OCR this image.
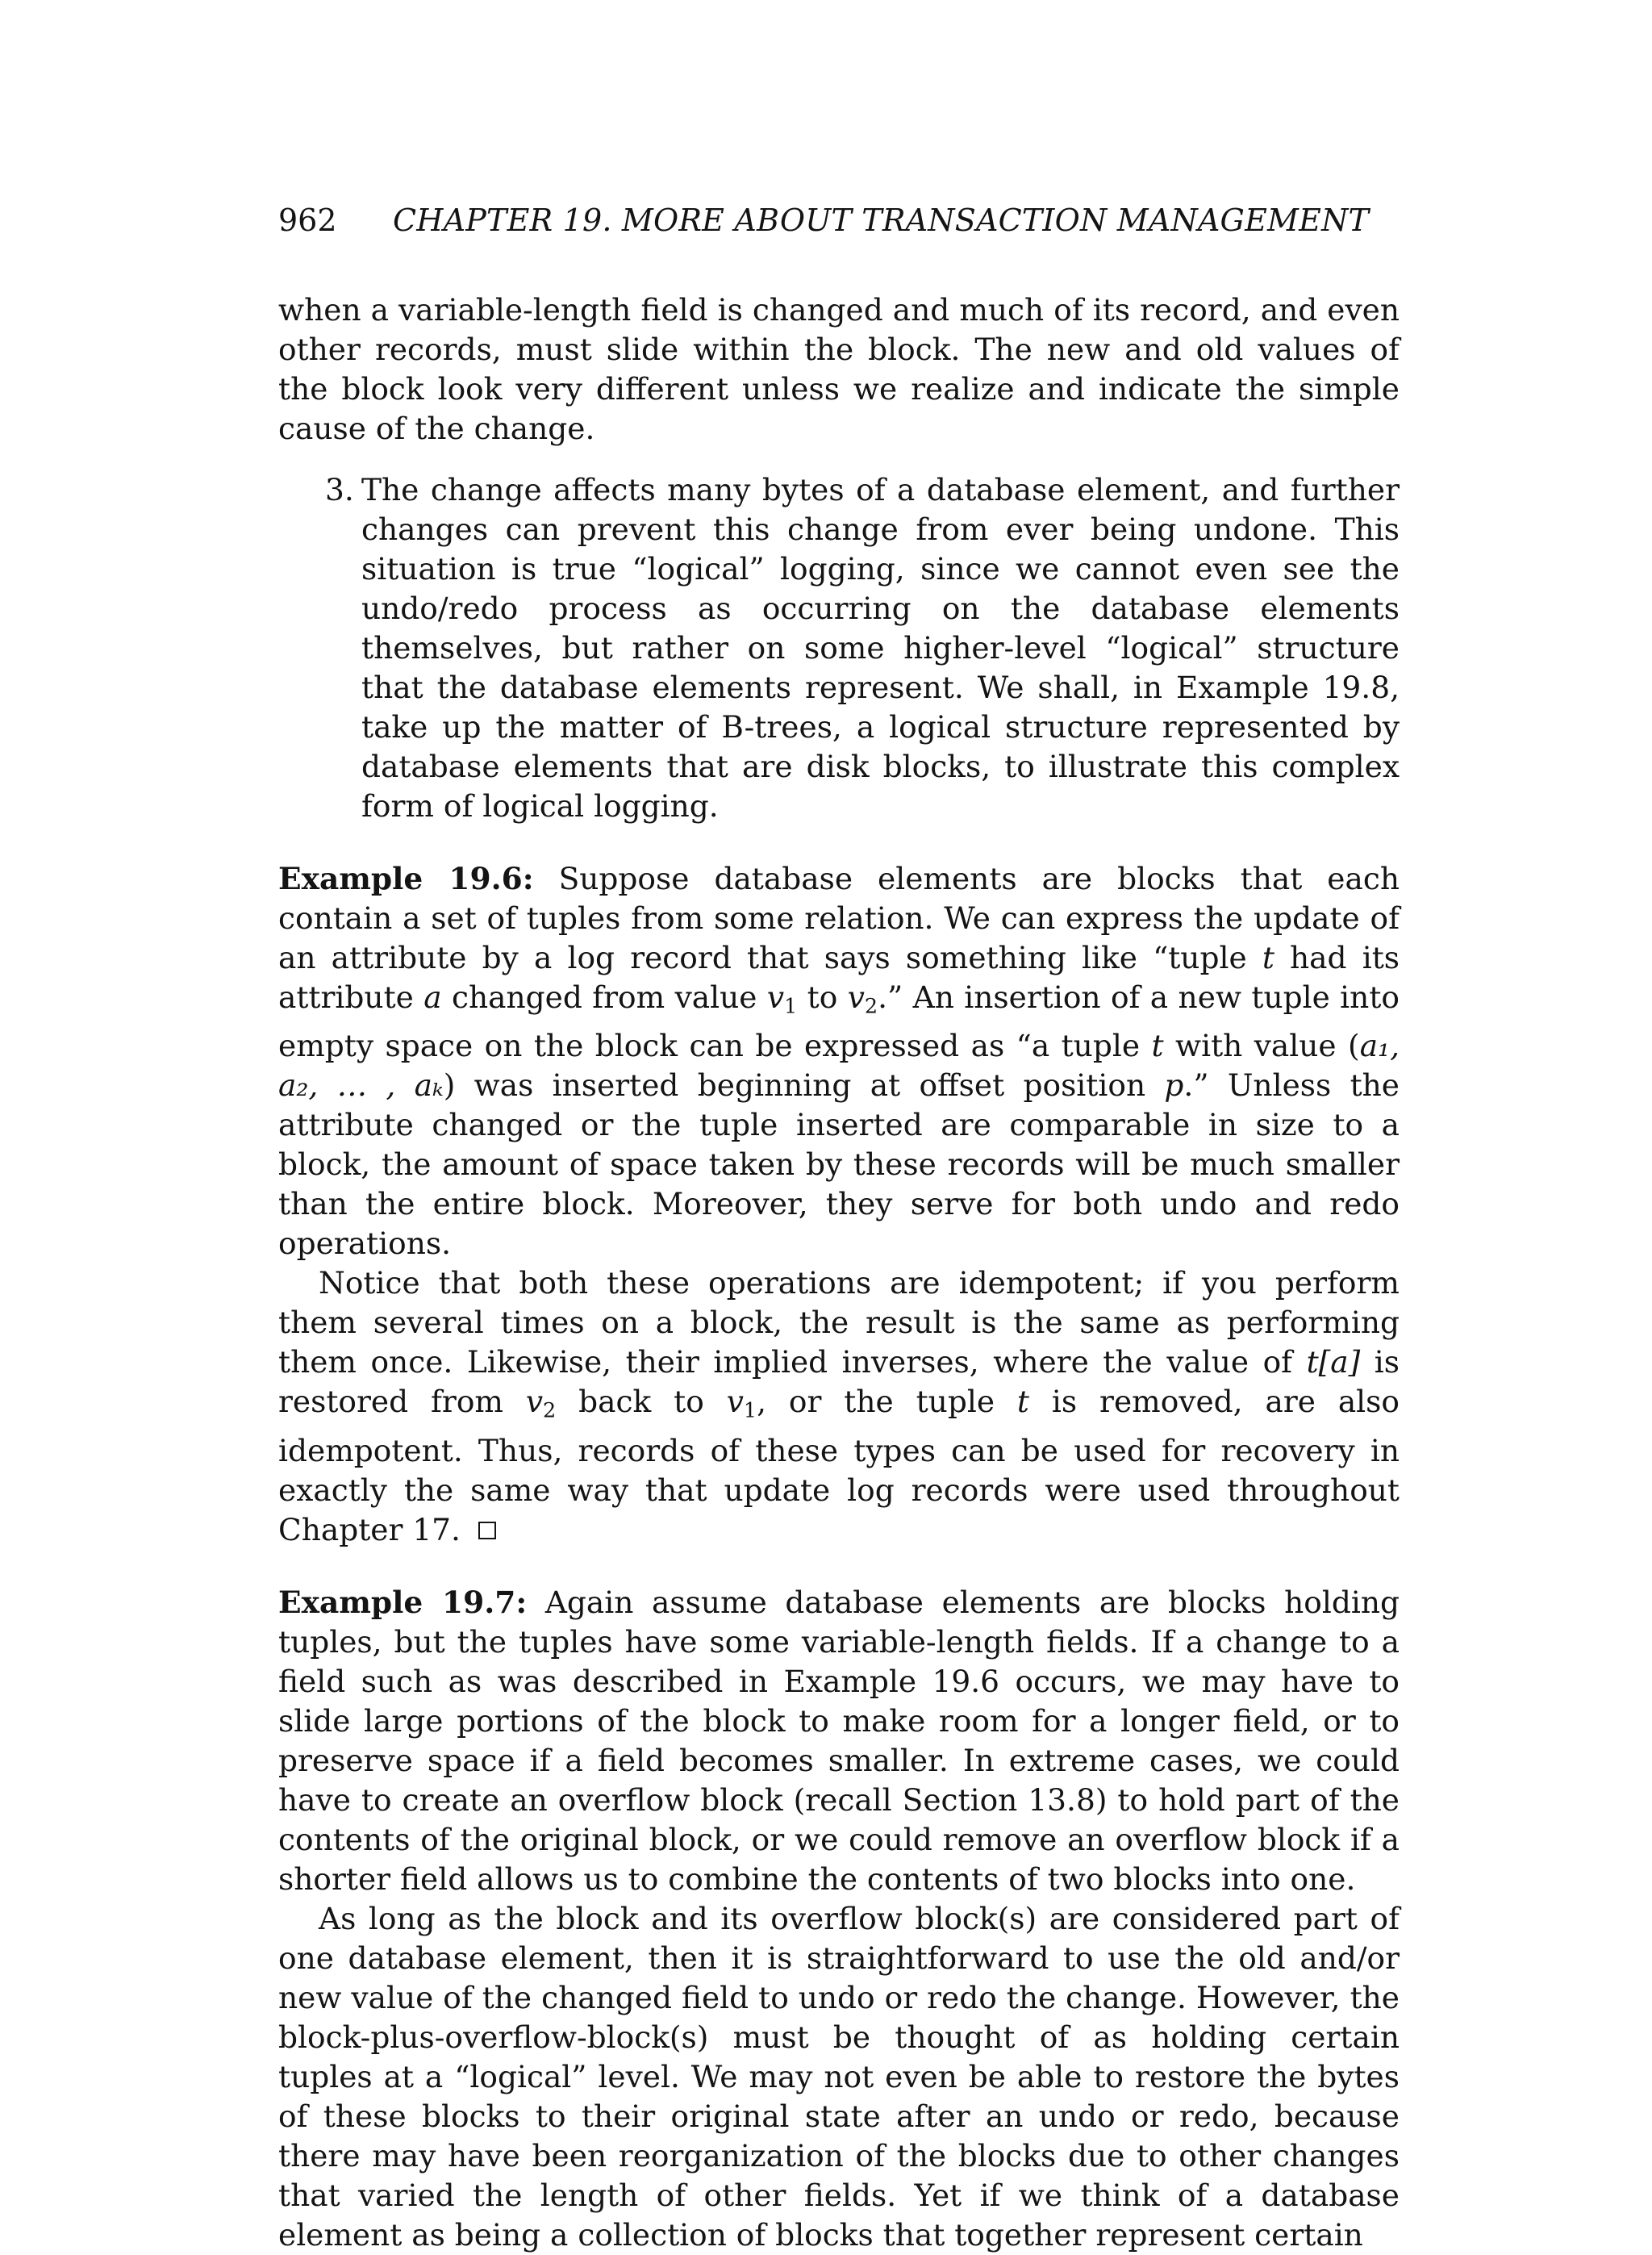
962 CHAPTER 19. MORE ABOUT TRANSACTION MANAGEMENT

when a variable-length field is changed and much of its record, and even other records, must slide within the block. The new and old values of the block look very different unless we realize and indicate the simple cause of the change.

3. The change affects many bytes of a database element, and further changes can prevent this change from ever being undone. This situation is true “logical” logging, since we cannot even see the undo/redo process as occurring on the database elements themselves, but rather on some higher-level “logical” structure that the database elements represent. We shall, in Example 19.8, take up the matter of B-trees, a logical structure represented by database elements that are disk blocks, to illustrate this complex form of logical logging.

Example 19.6: Suppose database elements are blocks that each contain a set of tuples from some relation. We can express the update of an attribute by a log record that says something like “tuple t had its attribute a changed from value $v_1$ to $v_2$.” An insertion of a new tuple into empty space on the block can be expressed as “a tuple t with value (a₁, a₂, … , aₖ) was inserted beginning at offset position p.” Unless the attribute changed or the tuple inserted are comparable in size to a block, the amount of space taken by these records will be much smaller than the entire block. Moreover, they serve for both undo and redo operations.

Notice that both these operations are idempotent; if you perform them several times on a block, the result is the same as performing them once. Likewise, their implied inverses, where the value of t[a] is restored from $v_2$ back to $v_1$, or the tuple t is removed, are also idempotent. Thus, records of these types can be used for recovery in exactly the same way that update log records were used throughout Chapter 17.

Example 19.7: Again assume database elements are blocks holding tuples, but the tuples have some variable-length fields. If a change to a field such as was described in Example 19.6 occurs, we may have to slide large portions of the block to make room for a longer field, or to preserve space if a field becomes smaller. In extreme cases, we could have to create an overflow block (recall Section 13.8) to hold part of the contents of the original block, or we could remove an overflow block if a shorter field allows us to combine the contents of two blocks into one.

As long as the block and its overflow block(s) are considered part of one database element, then it is straightforward to use the old and/or new value of the changed field to undo or redo the change. However, the block-plus-overflow-block(s) must be thought of as holding certain tuples at a “logical” level. We may not even be able to restore the bytes of these blocks to their original state after an undo or redo, because there may have been reorganization of the blocks due to other changes that varied the length of other fields. Yet if we think of a database element as being a collection of blocks that together represent certain
